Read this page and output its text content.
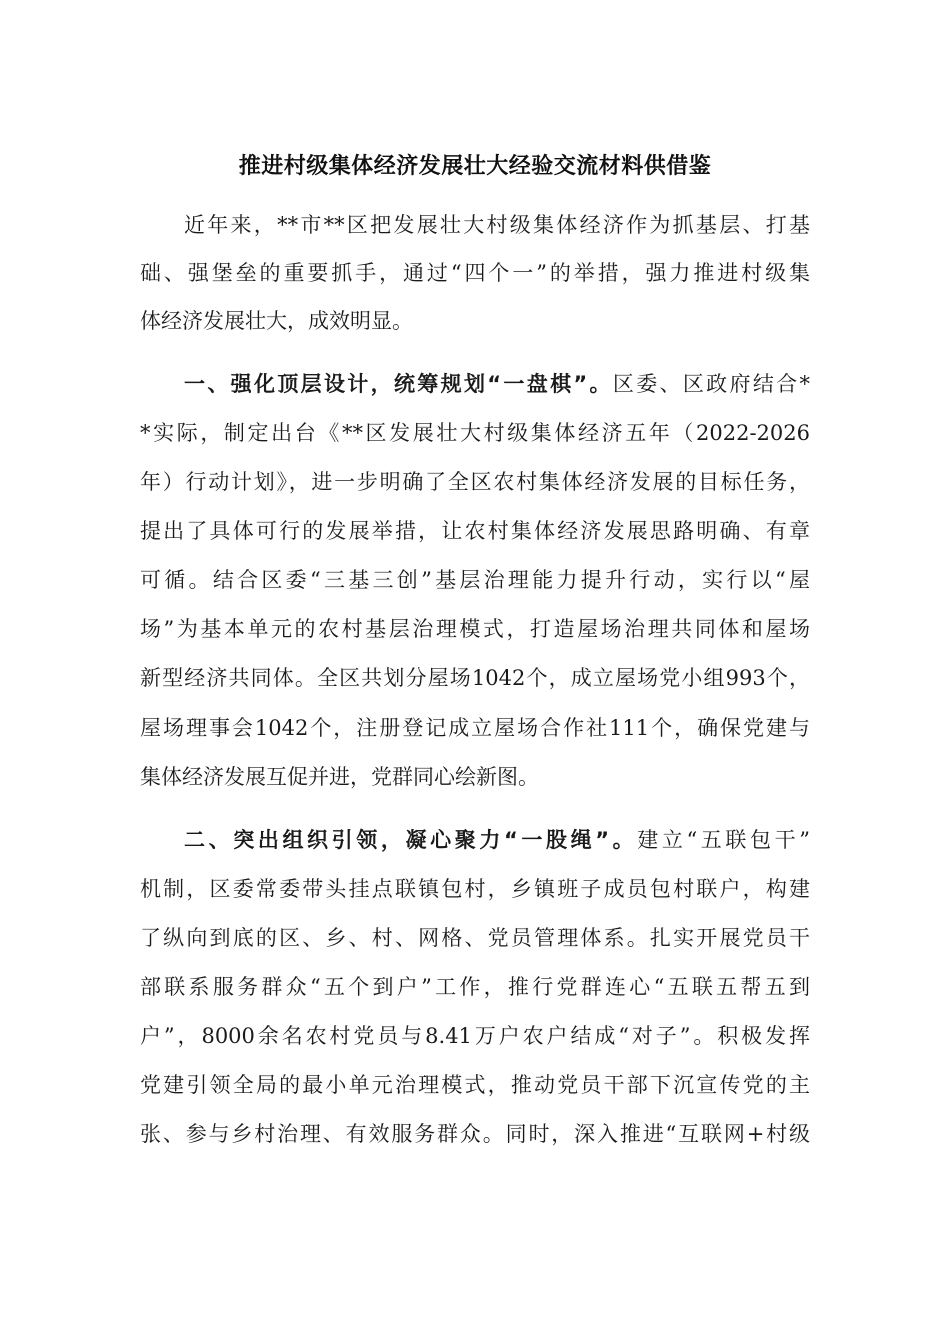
推进村级集体经济发展壮大经验交流材料供借鉴
近年来，**市**区把发展壮大村级集体经济作为抓基层、打基
础、强堡垒的重要抓手，通过“四个一”的举措，强力推进村级集
体经济发展壮大，成效明显。
一、强化顶层设计，统筹规划“一盘棋”。区委、区政府结合*
*实际，制定出台《**区发展壮大村级集体经济五年（2022-2026
年）行动计划》，进一步明确了全区农村集体经济发展的目标任务，
提出了具体可行的发展举措，让农村集体经济发展思路明确、有章
可循。结合区委“三基三创”基层治理能力提升行动，实行以“屋
场”为基本单元的农村基层治理模式，打造屋场治理共同体和屋场
新型经济共同体。全区共划分屋场1042个，成立屋场党小组993个，
屋场理事会1042个，注册登记成立屋场合作社111个，确保党建与
集体经济发展互促并进，党群同心绘新图。
二、突出组织引领，凝心聚力“一股绳”。建立“五联包干”
机制，区委常委带头挂点联镇包村，乡镇班子成员包村联户，构建
了纵向到底的区、乡、村、网格、党员管理体系。扎实开展党员干
部联系服务群众“五个到户”工作，推行党群连心“五联五帮五到
户”，8000余名农村党员与8.41万户农户结成“对子”。积极发挥
党建引领全局的最小单元治理模式，推动党员干部下沉宣传党的主
张、参与乡村治理、有效服务群众。同时，深入推进“互联网+村级
